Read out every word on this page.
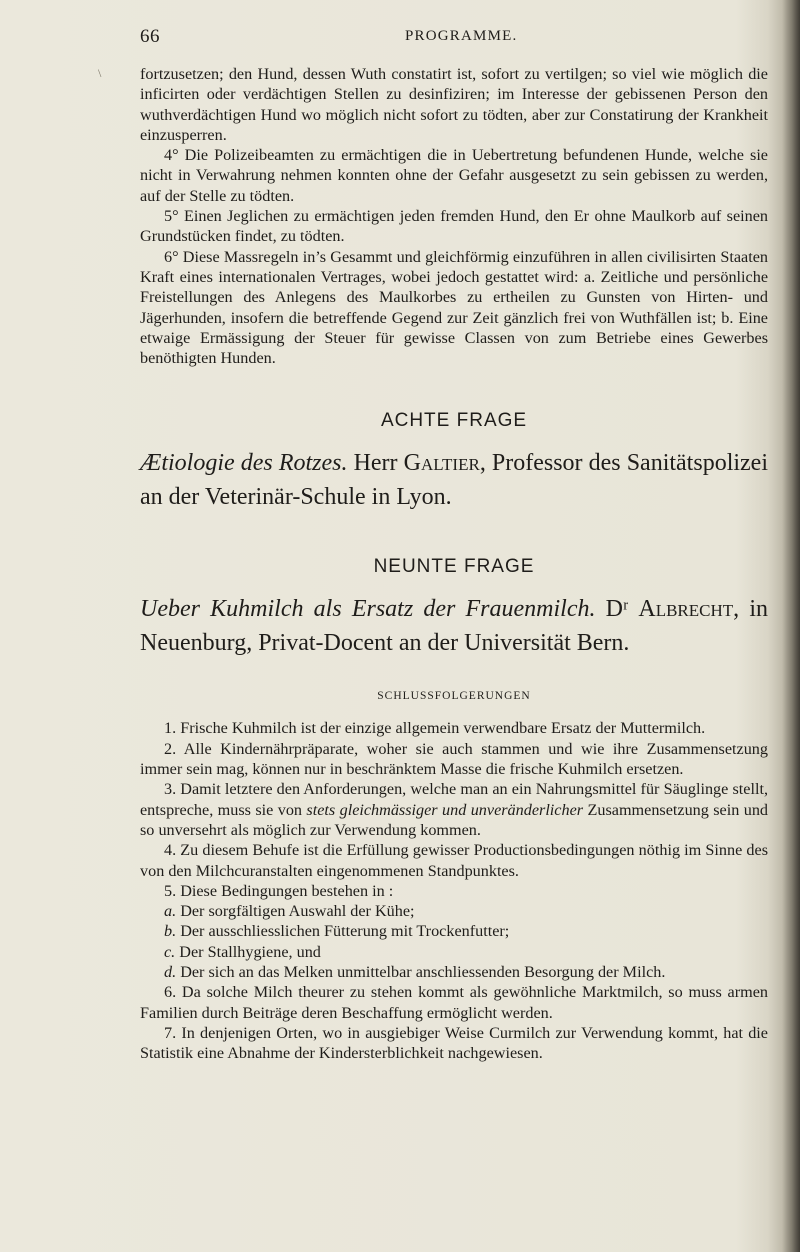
66	PROGRAMME.
\ fortzusetzen; den Hund, dessen Wuth constatirt ist, sofort zu vertilgen; so viel wie möglich die inficirten oder verdächtigen Stellen zu desinfiziren; im Interesse der gebissenen Person den wuthverdächtigen Hund wo möglich nicht sofort zu tödten, aber zur Constatirung der Krankheit einzusperren.

4° Die Polizeibeamten zu ermächtigen die in Uebertretung befundenen Hunde, welche sie nicht in Verwahrung nehmen konnten ohne der Gefahr ausgesetzt zu sein gebissen zu werden, auf der Stelle zu tödten.

5° Einen Jeglichen zu ermächtigen jeden fremden Hund, den Er ohne Maulkorb auf seinen Grundstücken findet, zu tödten.

6° Diese Massregeln in’s Gesammt und gleichförmig einzuführen in allen civilisirten Staaten Kraft eines internationalen Vertrages, wobei jedoch gestattet wird: a. Zeitliche und persönliche Freistellungen des Anlegens des Maulkorbes zu ertheilen zu Gunsten von Hirten- und Jägerhunden, insofern die betreffende Gegend zur Zeit gänzlich frei von Wuthfällen ist; b. Eine etwaige Ermässigung der Steuer für gewisse Classen von zum Betriebe eines Gewerbes benöthigten Hunden.

ACHTE FRAGE

Ætiologie des Rotzes. Herr Galtier, Professor des Sanitätspolizei an der Veterinär-Schule in Lyon.

NEUNTE FRAGE

Ueber Kuhmilch als Ersatz der Frauenmilch. Dʳ Albrecht, in Neuenburg, Privat-Docent an der Universität Bern.

SCHLUSSFOLGERUNGEN

1. Frische Kuhmilch ist der einzige allgemein verwendbare Ersatz der Muttermilch.

2. Alle Kindernährpräparate, woher sie auch stammen und wie ihre Zusammensetzung immer sein mag, können nur in beschränktem Masse die frische Kuhmilch ersetzen.

3. Damit letztere den Anforderungen, welche man an ein Nahrungsmittel für Säuglinge stellt, entspreche, muss sie von stets gleichmässiger und unveränderlicher Zusammensetzung sein und so unversehrt als möglich zur Verwendung kommen.

4. Zu diesem Behufe ist die Erfüllung gewisser Productionsbedingungen nöthig im Sinne des von den Milchcuranstalten eingenommenen Standpunktes.

5. Diese Bedingungen bestehen in :

a. Der sorgfältigen Auswahl der Kühe;

b. Der ausschliesslichen Fütterung mit Trockenfutter;

c. Der Stallhygiene, und

d. Der sich an das Melken unmittelbar anschliessenden Besorgung der Milch.

6. Da solche Milch theurer zu stehen kommt als gewöhnliche Marktmilch, so muss armen Familien durch Beiträge deren Beschaffung ermöglicht werden.

7. In denjenigen Orten, wo in ausgiebiger Weise Curmilch zur Verwendung kommt, hat die Statistik eine Abnahme der Kindersterblichkeit nachgewiesen.
